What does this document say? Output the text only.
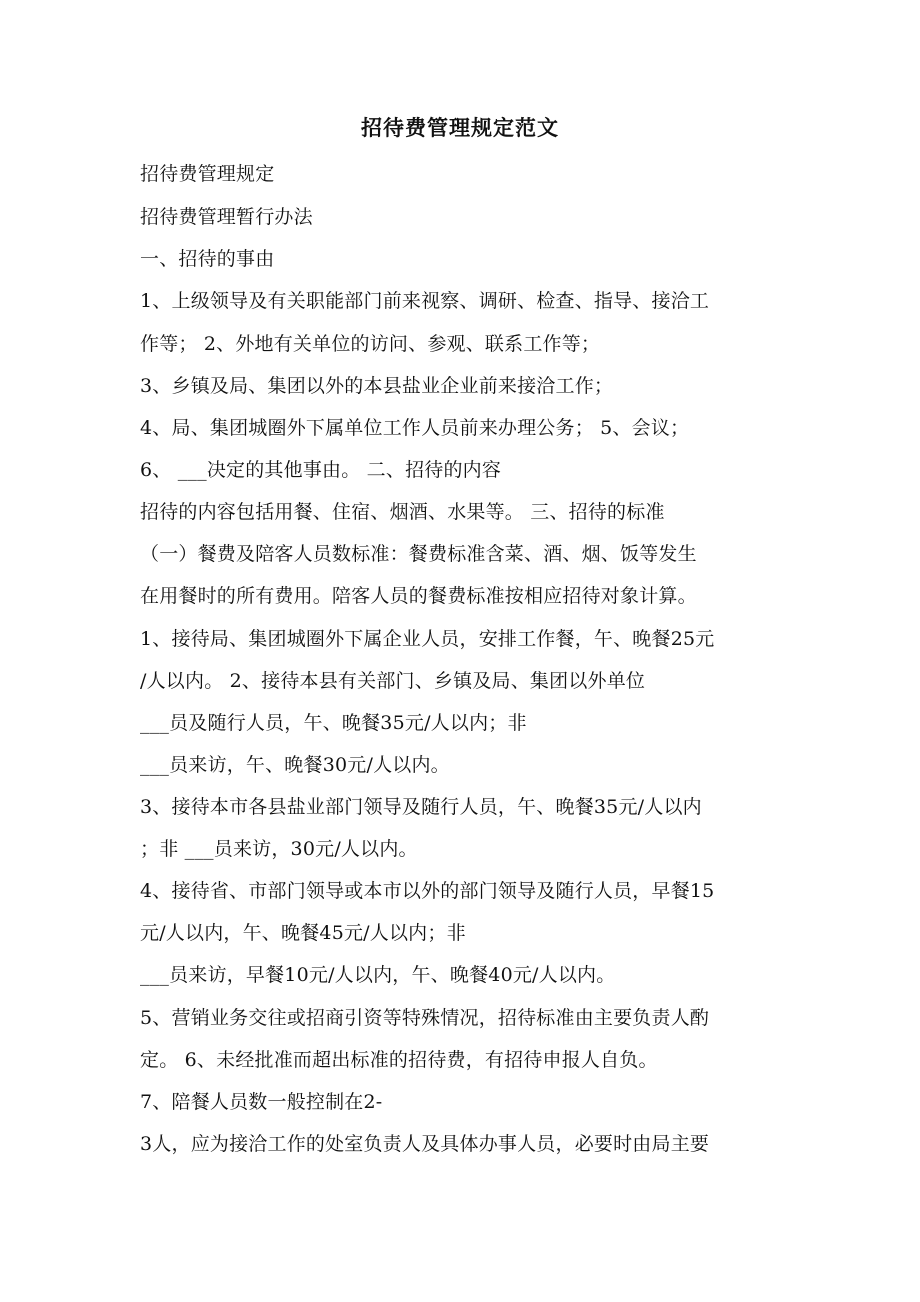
招待费管理规定范文
招待费管理规定
招待费管理暂行办法
一、招待的事由
1、上级领导及有关职能部门前来视察、调研、检查、指导、接洽工
作等； 2、外地有关单位的访问、参观、联系工作等；
3、乡镇及局、集团以外的本县盐业企业前来接洽工作；
4、局、集团城圈外下属单位工作人员前来办理公务； 5、会议；
6、 ___决定的其他事由。 二、招待的内容
招待的内容包括用餐、住宿、烟酒、水果等。 三、招待的标准
（一）餐费及陪客人员数标准：餐费标准含菜、酒、烟、饭等发生
在用餐时的所有费用。陪客人员的餐费标准按相应招待对象计算。
1、接待局、集团城圈外下属企业人员，安排工作餐，午、晚餐25元
/人以内。 2、接待本县有关部门、乡镇及局、集团以外单位
___员及随行人员，午、晚餐35元/人以内；非
___员来访，午、晚餐30元/人以内。
3、接待本市各县盐业部门领导及随行人员，午、晚餐35元/人以内
；非 ___员来访，30元/人以内。
4、接待省、市部门领导或本市以外的部门领导及随行人员，早餐15
元/人以内，午、晚餐45元/人以内；非
___员来访，早餐10元/人以内，午、晚餐40元/人以内。
5、营销业务交往或招商引资等特殊情况，招待标准由主要负责人酌
定。 6、未经批准而超出标准的招待费，有招待申报人自负。
7、陪餐人员数一般控制在2-
3人，应为接洽工作的处室负责人及具体办事人员，必要时由局主要
